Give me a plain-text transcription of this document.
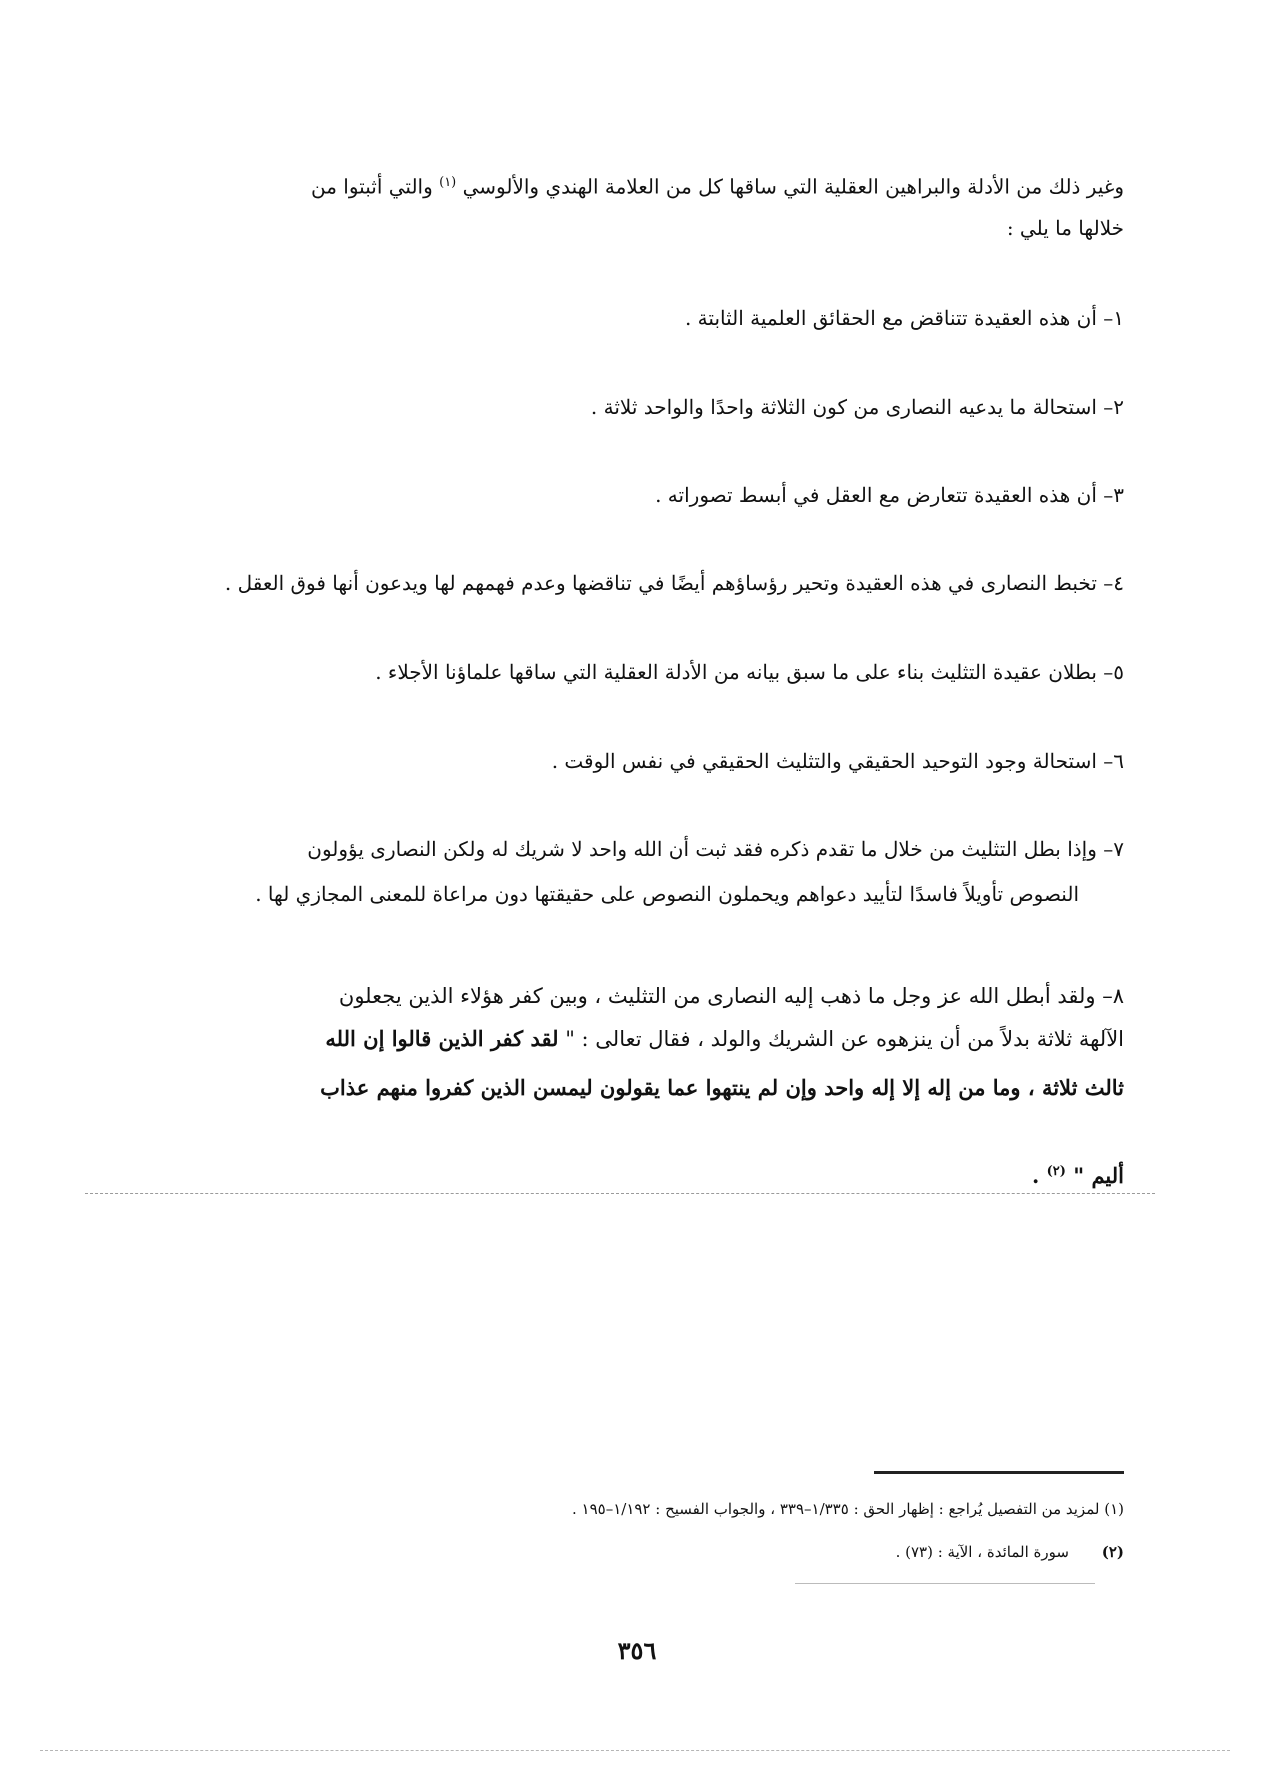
وغير ذلك من الأدلة والبراهين العقلية التي ساقها كل من العلامة الهندي والألوسي $^{(١)}$ والتي أثبتوا من
خلالها ما يلي :
١– أن هذه العقيدة تتناقض مع الحقائق العلمية الثابتة .
٢– استحالة ما يدعيه النصارى من كون الثلاثة واحدًا والواحد ثلاثة .
٣– أن هذه العقيدة تتعارض مع العقل في أبسط تصوراته .
٤– تخبط النصارى في هذه العقيدة وتحير رؤساؤهم أيضًا في تناقضها وعدم فهمهم لها ويدعون أنها فوق العقل .
٥– بطلان عقيدة التثليث بناء على ما سبق بيانه من الأدلة العقلية التي ساقها علماؤنا الأجلاء .
٦– استحالة وجود التوحيد الحقيقي والتثليث الحقيقي في نفس الوقت .
٧– وإذا بطل التثليث من خلال ما تقدم ذكره فقد ثبت أن الله واحد لا شريك له ولكن النصارى يؤولون
النصوص تأويلاً فاسدًا لتأييد دعواهم ويحملون النصوص على حقيقتها دون مراعاة للمعنى المجازي لها .
٨– ولقد أبطل الله عز وجل ما ذهب إليه النصارى من التثليث ، وبين كفر هؤلاء الذين يجعلون
الآلهة ثلاثة بدلاً من أن ينزهوه عن الشريك والولد ، فقال تعالى : " لقد كفر الذين قالوا إن الله
ثالث ثلاثة ، وما من إله إلا إله واحد وإن لم ينتهوا عما يقولون ليمسن الذين كفروا منهم عذاب
أليم " $^{(٢)}$ .
(١) لمزيد من التفصيل يُراجع : إظهار الحق : ١/٣٣٥–٣٣٩ ، والجواب الفسيح : ١/١٩٢–١٩٥ .
(٢) سورة المائدة ، الآية : (٧٣) .
٣٥٦
